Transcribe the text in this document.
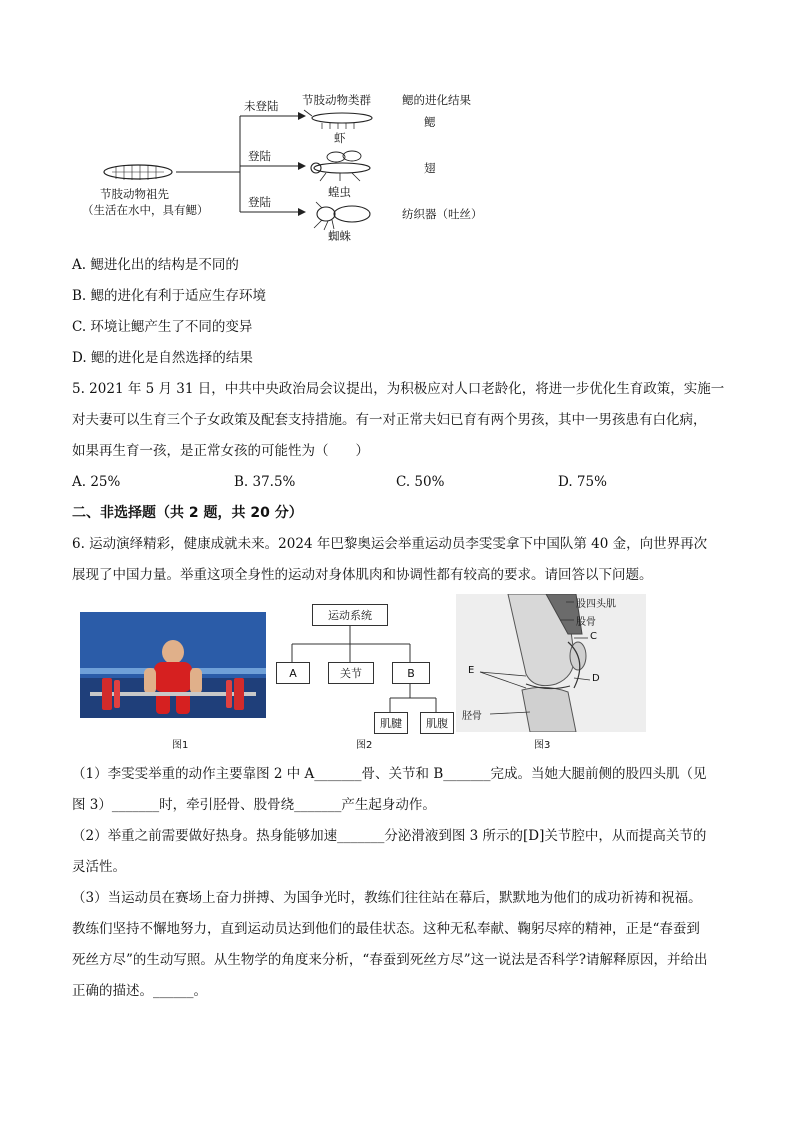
节肢动物祖先
（生活在水中，具有鳃）
节肢动物类群	鳃的进化结果
未登陆
登陆
登陆
虾
蝗虫
蜘蛛
鳃
翅
纺织器（吐丝）
A. 鳃进化出的结构是不同的
B. 鳃的进化有利于适应生存环境
C. 环境让鳃产生了不同的变异
D. 鳃的进化是自然选择的结果
5. 2021 年 5 月 31 日，中共中央政治局会议提出，为积极应对人口老龄化，将进一步优化生育政策，实施一
对夫妻可以生育三个子女政策及配套支持措施。有一对正常夫妇已育有两个男孩，其中一男孩患有白化病，
如果再生育一孩，是正常女孩的可能性为（　　）
A. 25%	B. 37.5%	C. 50%	D. 75%
二、非选择题（共 2 题，共 20 分）
6. 运动演绎精彩，健康成就未来。2024 年巴黎奥运会举重运动员李雯雯拿下中国队第 40 金，向世界再次
展现了中国力量。举重这项全身性的运动对身体肌肉和协调性都有较高的要求。请回答以下问题。
图1
运动系统
A	关节	B
肌腱	肌腹
图2
股四头肌
股骨
C
D
E
胫骨
图3
（1）李雯雯举重的动作主要靠图 2 中 A_______骨、关节和 B_______完成。当她大腿前侧的股四头肌（见
图 3）_______时，牵引胫骨、股骨绕_______产生起身动作。
（2）举重之前需要做好热身。热身能够加速_______分泌滑液到图 3 所示的[D]关节腔中，从而提高关节的
灵活性。
（3）当运动员在赛场上奋力拼搏、为国争光时，教练们往往站在幕后，默默地为他们的成功祈祷和祝福。
教练们坚持不懈地努力，直到运动员达到他们的最佳状态。这种无私奉献、鞠躬尽瘁的精神，正是“春蚕到
死丝方尽”的生动写照。从生物学的角度来分析，“春蚕到死丝方尽”这一说法是否科学?请解释原因，并给出
正确的描述。______。
